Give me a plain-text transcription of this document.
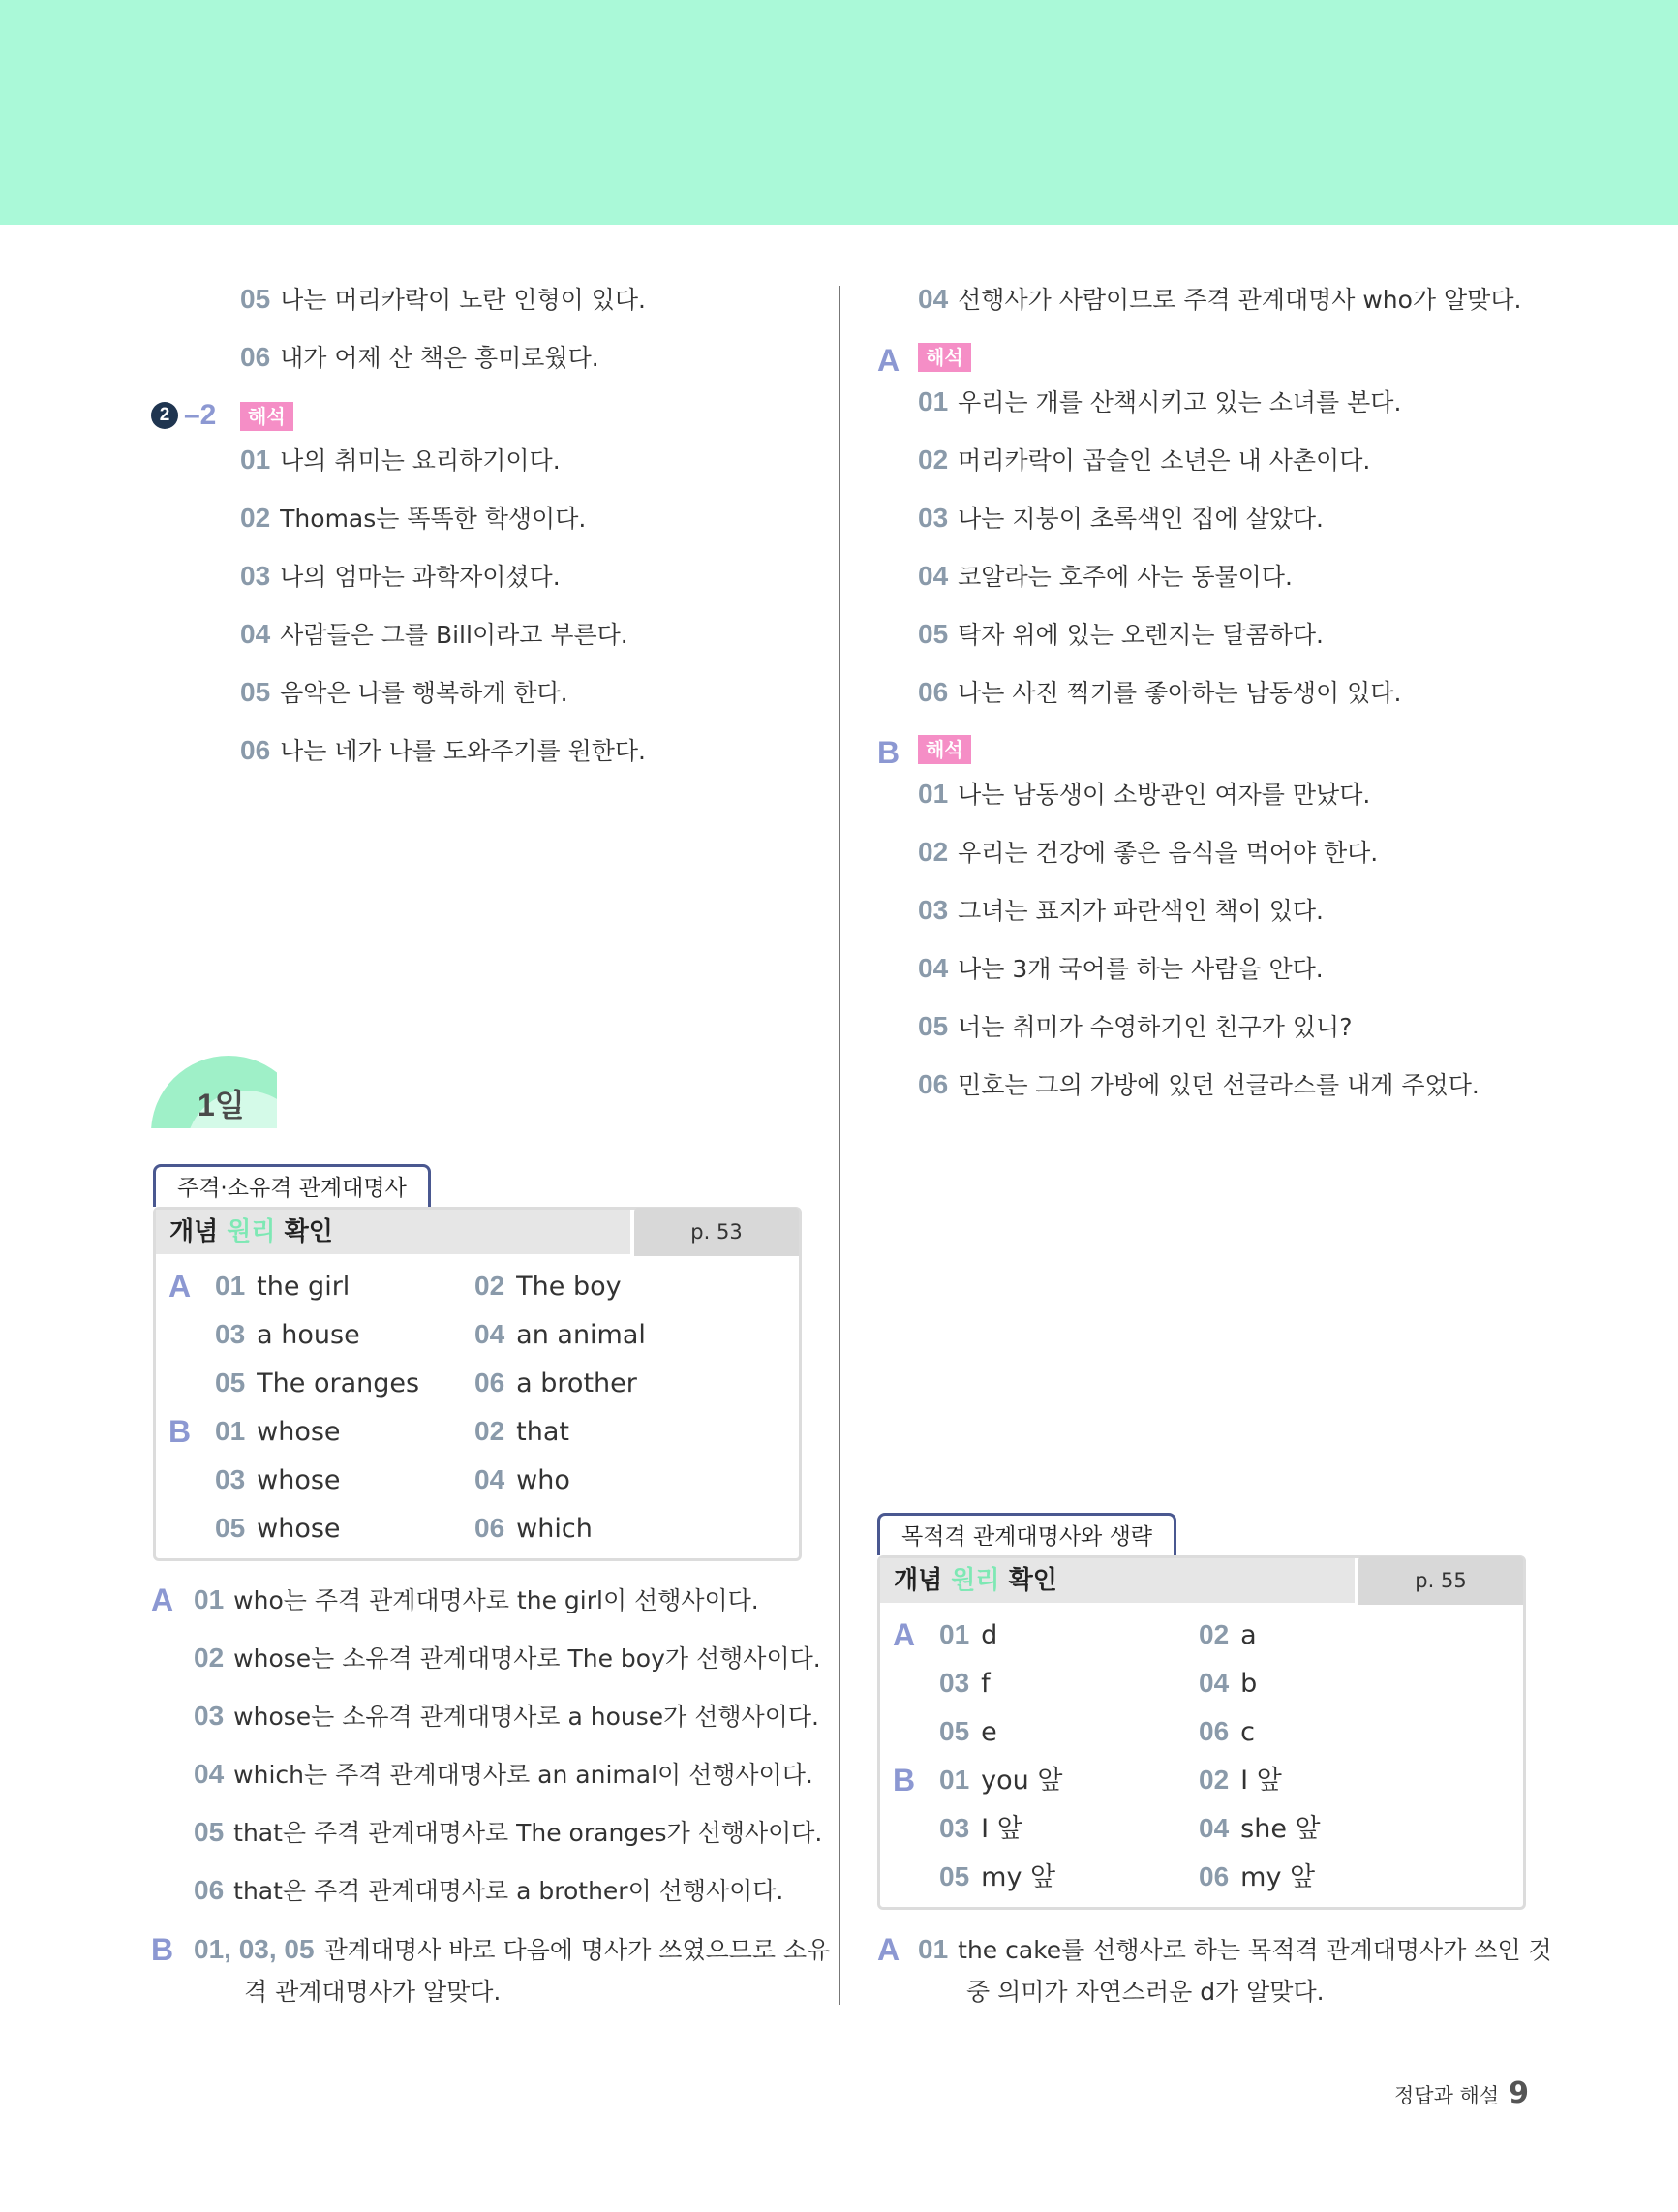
05 나는 머리카락이 노란 인형이 있다.
06 내가 어제 산 책은 흥미로웠다.
2 –2	해석
01 나의 취미는 요리하기이다.
02 Thomas는 똑똑한 학생이다.
03 나의 엄마는 과학자이셨다.
04 사람들은 그를 Bill이라고 부른다.
05 음악은 나를 행복하게 한다.
06 나는 네가 나를 도와주기를 원한다.
1일
주격·소유격 관계대명사
개념 원리 확인	p. 53
A
B
01 the girl	02 The boy
03 a house	04 an animal
05 The oranges 06 a brother
01 whose	02 that
03 whose	04 who
05 whose	06 which
A 01 who는 주격 관계대명사로 the girl이 선행사이다.
02 whose는 소유격 관계대명사로 The boy가 선행사이다.
03 whose는 소유격 관계대명사로 a house가 선행사이다.
04 which는 주격 관계대명사로 an animal이 선행사이다.
05 that은 주격 관계대명사로 The oranges가 선행사이다.
06 that은 주격 관계대명사로 a brother이 선행사이다.
B 01, 03, 05 관계대명사 바로 다음에 명사가 쓰였으므로 소유
격 관계대명사가 알맞다.
04 선행사가 사람이므로 주격 관계대명사 who가 알맞다.
A	해석
01 우리는 개를 산책시키고 있는 소녀를 본다.
02 머리카락이 곱슬인 소년은 내 사촌이다.
03 나는 지붕이 초록색인 집에 살았다.
04 코알라는 호주에 사는 동물이다.
05 탁자 위에 있는 오렌지는 달콤하다.
06 나는 사진 찍기를 좋아하는 남동생이 있다.
B	해석
01 나는 남동생이 소방관인 여자를 만났다.
02 우리는 건강에 좋은 음식을 먹어야 한다.
03 그녀는 표지가 파란색인 책이 있다.
04 나는 3개 국어를 하는 사람을 안다.
05 너는 취미가 수영하기인 친구가 있니?
06 민호는 그의 가방에 있던 선글라스를 내게 주었다.
목적격 관계대명사와 생략
개념 원리 확인	p. 55
A
B
01 d	02 a
03 f	04 b
05 e	06 c
01 you 앞	02 I 앞
03 I 앞	04 she 앞
05 my 앞	06 my 앞
A 01 the cake를 선행사로 하는 목적격 관계대명사가 쓰인 것
중 의미가 자연스러운 d가 알맞다.
정답과 해설 9
